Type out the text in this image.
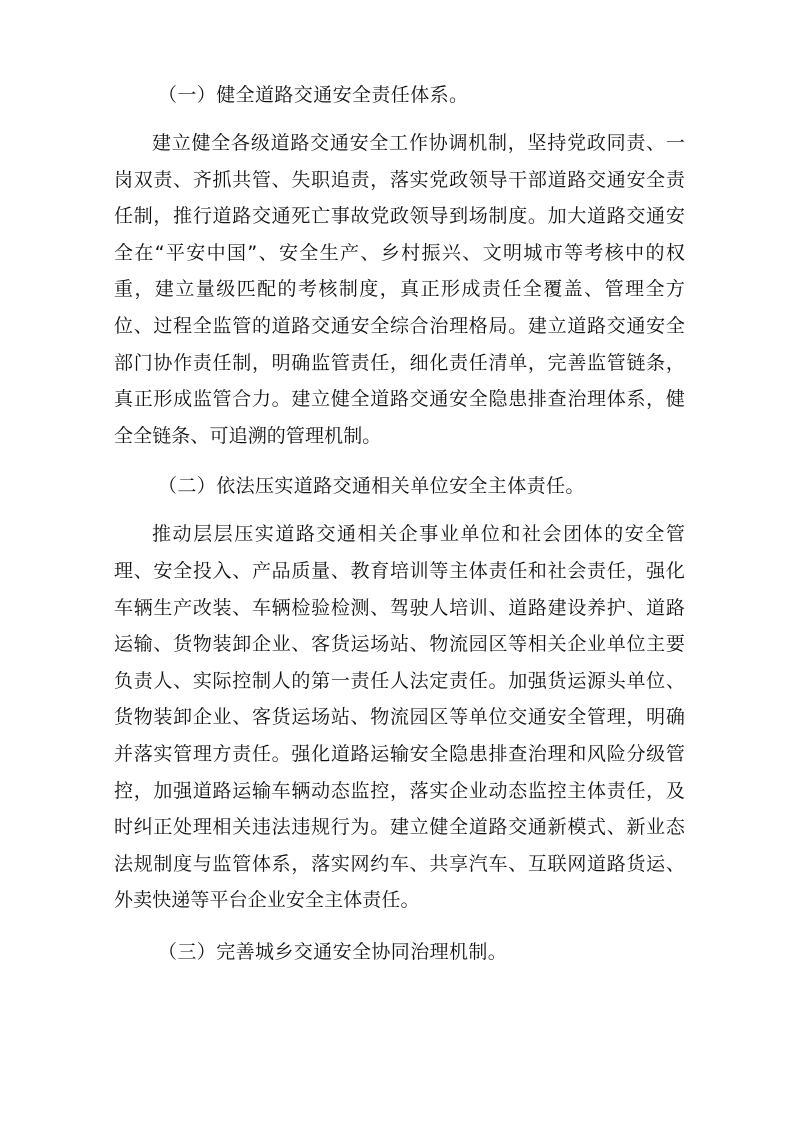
（一）健全道路交通安全责任体系。

建立健全各级道路交通安全工作协调机制，坚持党政同责、一岗双责、齐抓共管、失职追责，落实党政领导干部道路交通安全责任制，推行道路交通死亡事故党政领导到场制度。加大道路交通安全在“平安中国”、安全生产、乡村振兴、文明城市等考核中的权重，建立量级匹配的考核制度，真正形成责任全覆盖、管理全方位、过程全监管的道路交通安全综合治理格局。建立道路交通安全部门协作责任制，明确监管责任，细化责任清单，完善监管链条，真正形成监管合力。建立健全道路交通安全隐患排查治理体系，健全全链条、可追溯的管理机制。

（二）依法压实道路交通相关单位安全主体责任。

推动层层压实道路交通相关企事业单位和社会团体的安全管理、安全投入、产品质量、教育培训等主体责任和社会责任，强化车辆生产改装、车辆检验检测、驾驶人培训、道路建设养护、道路运输、货物装卸企业、客货运场站、物流园区等相关企业单位主要负责人、实际控制人的第一责任人法定责任。加强货运源头单位、货物装卸企业、客货运场站、物流园区等单位交通安全管理，明确并落实管理方责任。强化道路运输安全隐患排查治理和风险分级管控，加强道路运输车辆动态监控，落实企业动态监控主体责任，及时纠正处理相关违法违规行为。建立健全道路交通新模式、新业态法规制度与监管体系，落实网约车、共享汽车、互联网道路货运、外卖快递等平台企业安全主体责任。

（三）完善城乡交通安全协同治理机制。
